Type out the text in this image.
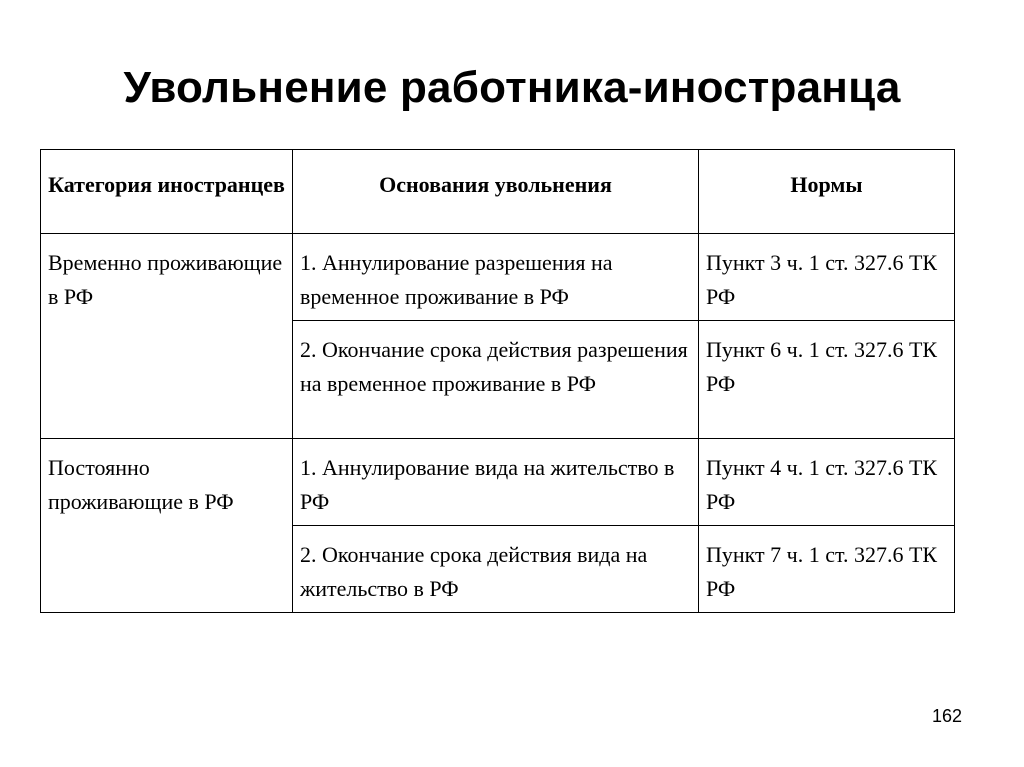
Увольнение работника-иностранца
Категория иностранцев	Основания увольнения	Нормы
Временно проживающие в РФ	1. Аннулирование разрешения на временное проживание в РФ	Пункт 3 ч. 1 ст. 327.6 ТК РФ
	2. Окончание срока действия разрешения на временное проживание в РФ	Пункт 6 ч. 1 ст. 327.6 ТК РФ
Постоянно проживающие в РФ	1. Аннулирование вида на жительство в РФ	Пункт 4 ч. 1 ст. 327.6 ТК РФ
	2. Окончание срока действия вида на жительство в РФ	Пункт 7 ч. 1 ст. 327.6 ТК РФ
162
